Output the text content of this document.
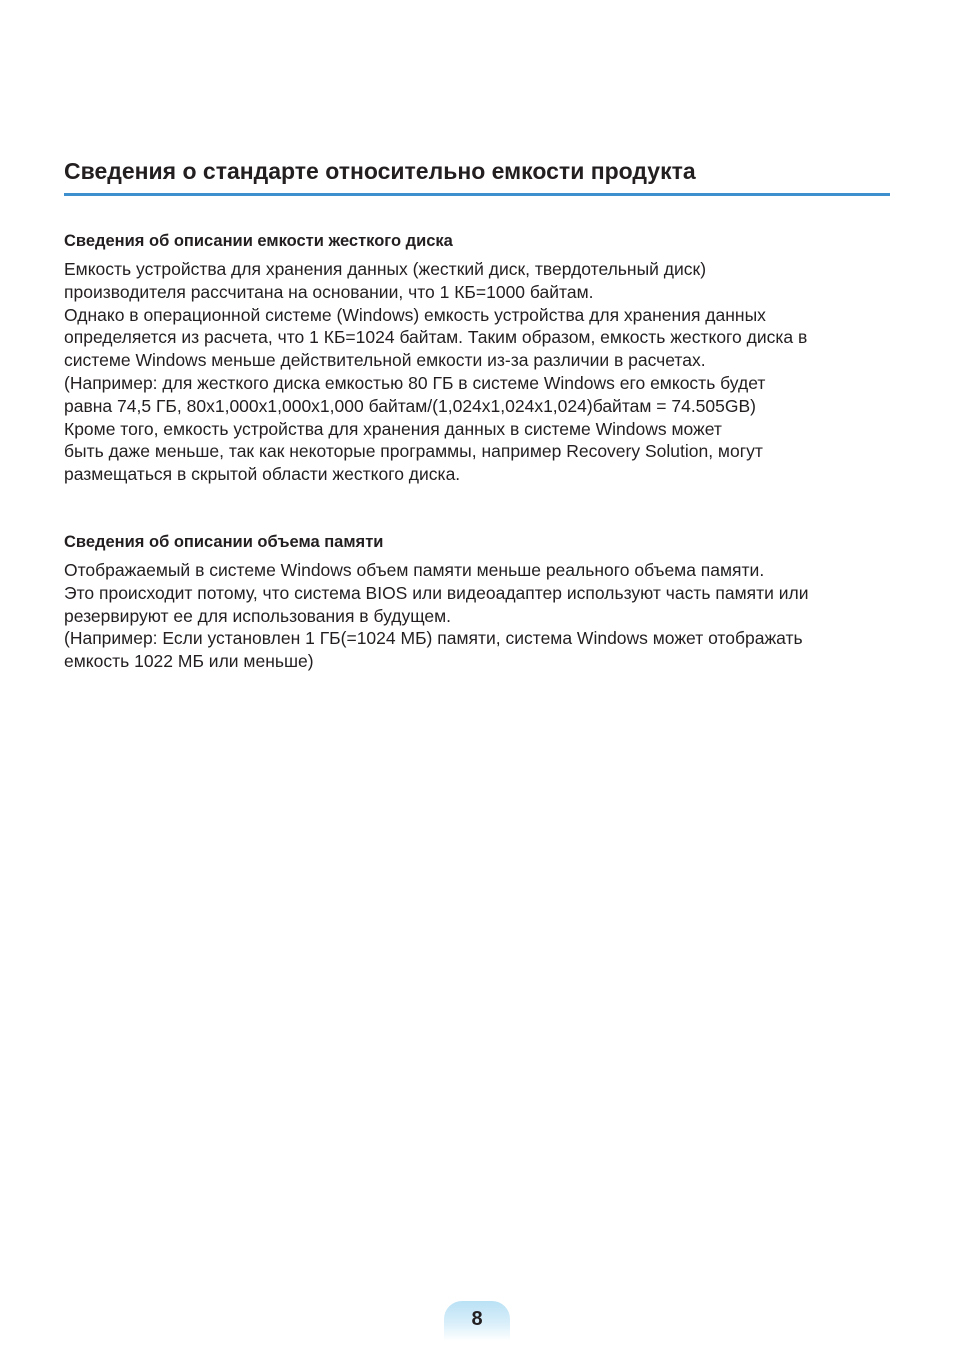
Сведения о стандарте относительно емкости продукта
Сведения об описании емкости жесткого диска

Емкость устройства для хранения данных (жесткий диск, твердотельный диск)
производителя рассчитана на основании, что 1 КБ=1000 байтам.
Однако в операционной системе (Windows) емкость устройства для хранения данных
определяется из расчета, что 1 КБ=1024 байтам. Таким образом, емкость жесткого диска в
системе Windows меньше действительной емкости из-за различии в расчетах.
(Например: для жесткого диска емкостью 80 ГБ в системе Windows его емкость будет
равна 74,5 ГБ, 80x1,000x1,000x1,000 байтам/(1,024x1,024x1,024)байтам = 74.505GB)
Кроме того, емкость устройства для хранения данных в системе Windows может
быть даже меньше, так как некоторые программы, например Recovery Solution, могут
размещаться в скрытой области жесткого диска.

Сведения об описании объема памяти

Отображаемый в системе Windows объем памяти меньше реального объема памяти.
Это происходит потому, что система BIOS или видеоадаптер используют часть памяти или
резервируют ее для использования в будущем.
(Например: Если установлен 1 ГБ(=1024 МБ) памяти, система Windows может отображать
емкость 1022 МБ или меньше)

8
